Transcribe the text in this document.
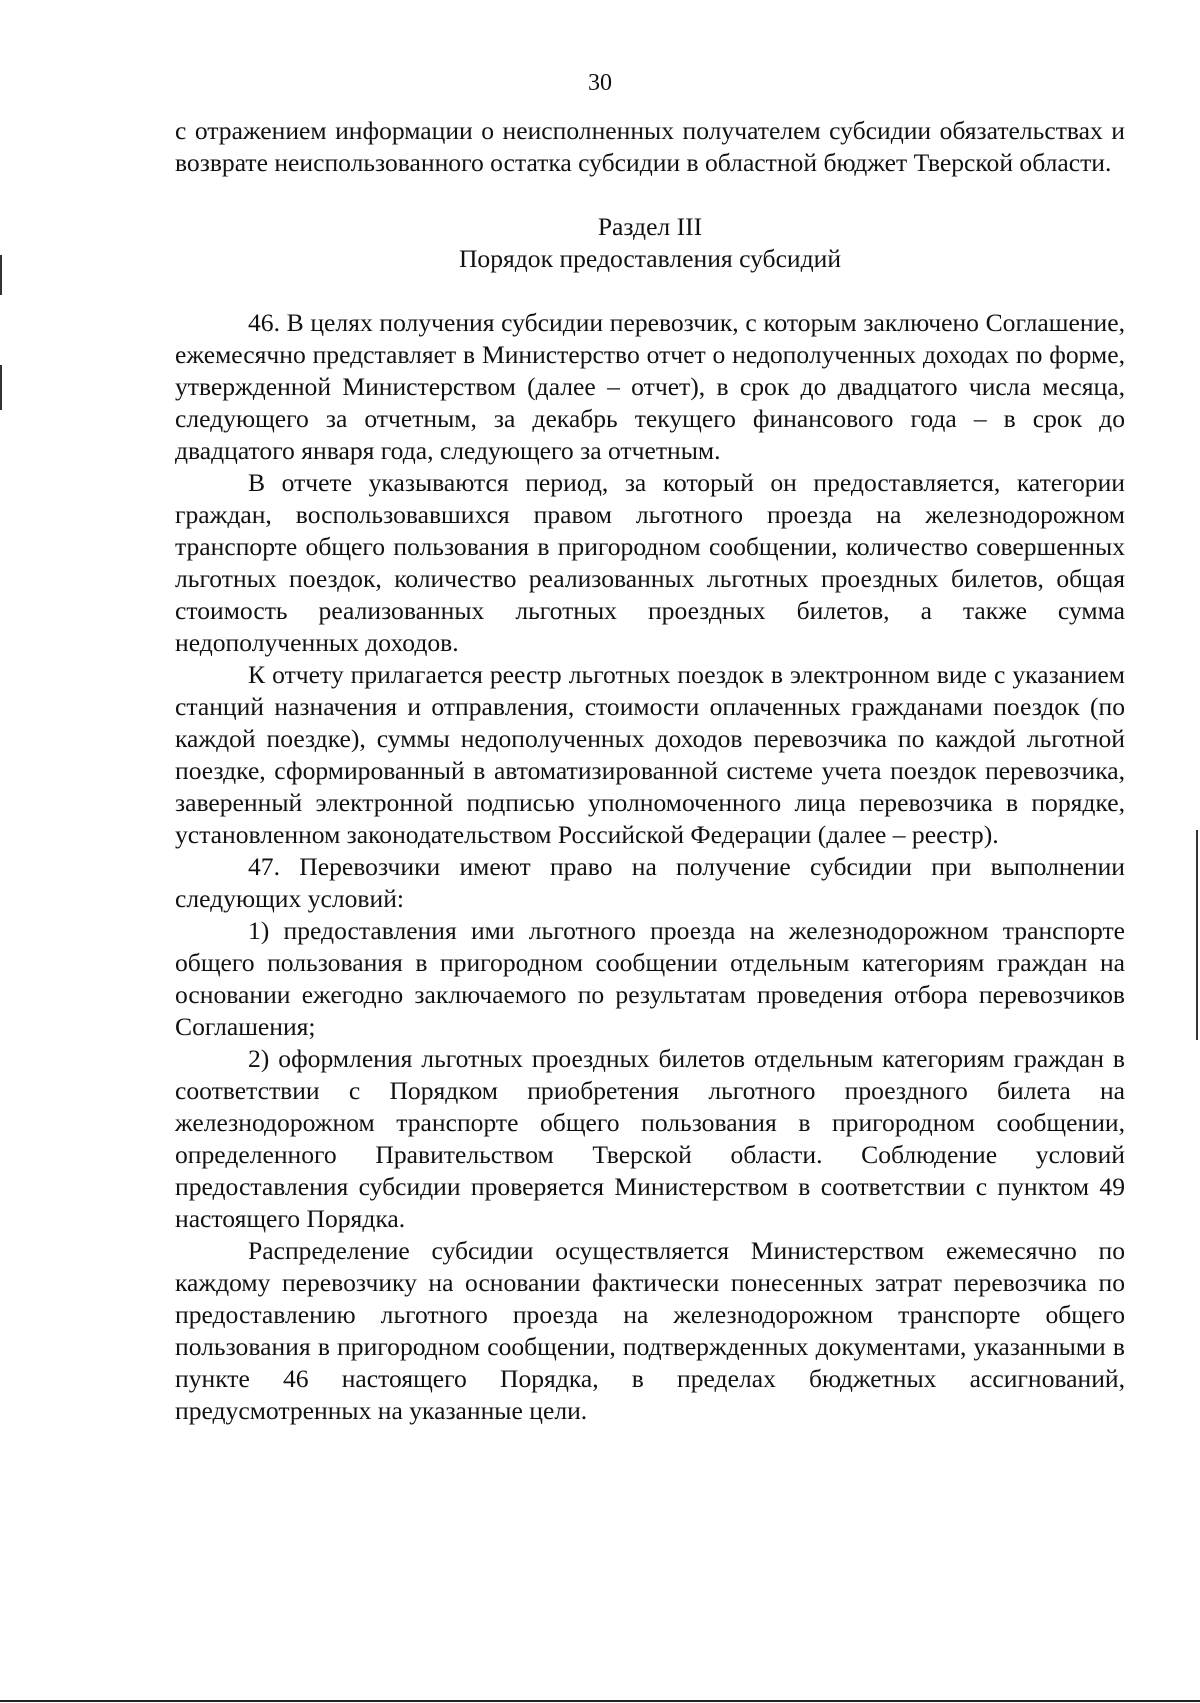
30

с отражением информации о неисполненных получателем субсидии обязательствах и возврате неиспользованного остатка субсидии в областной бюджет Тверской области.

Раздел III

Порядок предоставления субсидий

46. В целях получения субсидии перевозчик, с которым заключено Соглашение, ежемесячно представляет в Министерство отчет о недополученных доходах по форме, утвержденной Министерством (далее – отчет), в срок до двадцатого числа месяца, следующего за отчетным, за декабрь текущего финансового года – в срок до двадцатого января года, следующего за отчетным.

В отчете указываются период, за который он предоставляется, категории граждан, воспользовавшихся правом льготного проезда на железнодорожном транспорте общего пользования в пригородном сообщении, количество совершенных льготных поездок, количество реализованных льготных проездных билетов, общая стоимость реализованных льготных проездных билетов, а также сумма недополученных доходов.

К отчету прилагается реестр льготных поездок в электронном виде с указанием станций назначения и отправления, стоимости оплаченных гражданами поездок (по каждой поездке), суммы недополученных доходов перевозчика по каждой льготной поездке, сформированный в автоматизированной системе учета поездок перевозчика, заверенный электронной подписью уполномоченного лица перевозчика в порядке, установленном законодательством Российской Федерации (далее – реестр).

47. Перевозчики имеют право на получение субсидии при выполнении следующих условий:

1) предоставления ими льготного проезда на железнодорожном транспорте общего пользования в пригородном сообщении отдельным категориям граждан на основании ежегодно заключаемого по результатам проведения отбора перевозчиков Соглашения;

2) оформления льготных проездных билетов отдельным категориям граждан в соответствии с Порядком приобретения льготного проездного билета на железнодорожном транспорте общего пользования в пригородном сообщении, определенного Правительством Тверской области. Соблюдение условий предоставления субсидии проверяется Министерством в соответствии с пунктом 49 настоящего Порядка.

Распределение субсидии осуществляется Министерством ежемесячно по каждому перевозчику на основании фактически понесенных затрат перевозчика по предоставлению льготного проезда на железнодорожном транспорте общего пользования в пригородном сообщении, подтвержденных документами, указанными в пункте 46 настоящего Порядка, в пределах бюджетных ассигнований, предусмотренных на указанные цели.
